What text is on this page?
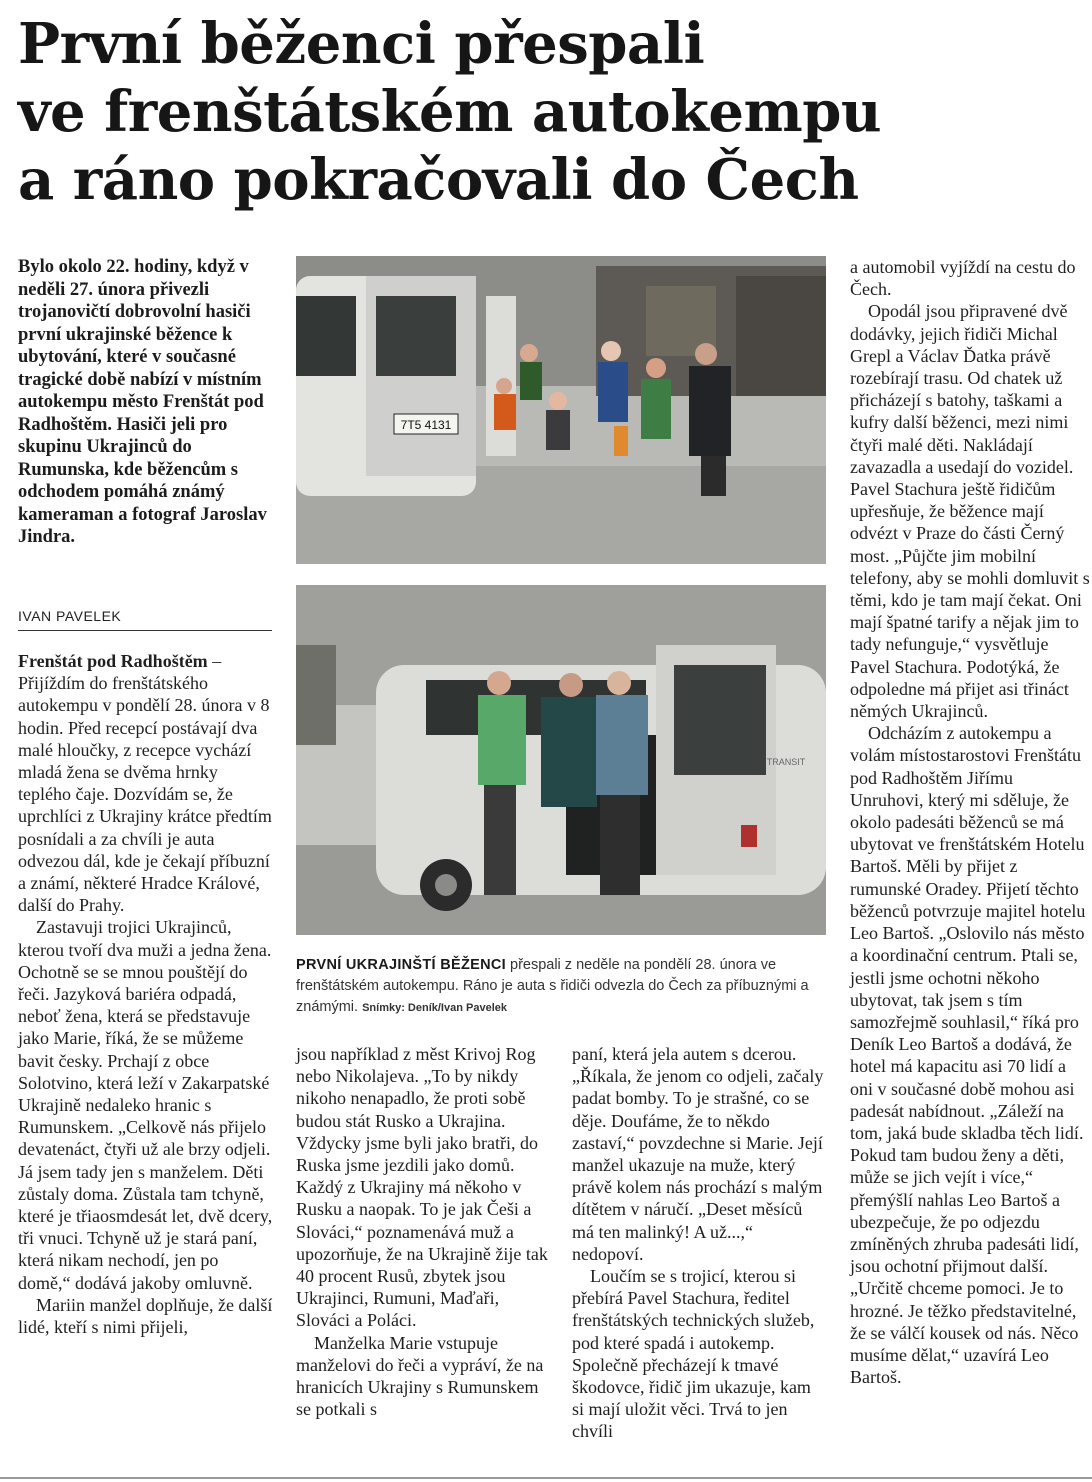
První běženci přespali
ve frenštátském autokempu
a ráno pokračovali do Čech
Bylo okolo 22. hodiny, když v neděli 27. února přivezli trojanovičtí dobrovolní hasiči první ukrajinské běžence k ubytování, které v současné tragické době nabízí v místním autokempu město Frenštát pod Radhoštěm. Hasiči jeli pro skupinu Ukrajinců do Rumunska, kde běžencům s odchodem pomáhá známý kameraman a fotograf Jaroslav Jindra.
IVAN PAVELEK

Frenštát pod Radhoštěm – Přijíždím do frenštátského autokempu v pondělí 28. února v 8 hodin. Před recepcí postávají dva malé hloučky, z recepce vychází mladá žena se dvěma hrnky teplého čaje. Dozvídám se, že uprchlíci z Ukrajiny krátce předtím posnídali a za chvíli je auta odvezou dál, kde je čekají příbuzní a známí, některé Hradce Králové, další do Prahy.

Zastavuji trojici Ukrajinců, kterou tvoří dva muži a jedna žena. Ochotně se se mnou pouštějí do řeči. Jazyková bariéra odpadá, neboť žena, která se představuje jako Marie, říká, že se můžeme bavit česky. Prchají z obce Solotvino, která leží v Zakarpatské Ukrajině nedaleko hranic s Rumunskem. „Celkově nás přijelo devatenáct, čtyři už ale brzy odjeli. Já jsem tady jen s manželem. Děti zůstaly doma. Zůstala tam tchyně, které je třiaosmdesát let, dvě dcery, tři vnuci. Tchyně už je stará paní, která nikam nechodí, jen po domě,“ dodává jakoby omluvně.

Mariin manžel doplňuje, že další lidé, kteří s nimi přijeli,

7T5 4131
TRANSIT
PRVNÍ UKRAJINŠTÍ BĚŽENCI přespali z neděle na pondělí 28. února ve frenštátském autokempu. Ráno je auta s řidiči odvezla do Čech za příbuznými a známými. Snímky: Deník/Ivan Pavelek

jsou například z měst Krivoj Rog nebo Nikolajeva. „To by nikdy nikoho nenapadlo, že proti sobě budou stát Rusko a Ukrajina. Vždycky jsme byli jako bratři, do Ruska jsme jezdili jako domů. Každý z Ukrajiny má někoho v Rusku a naopak. To je jak Češi a Slováci,“ poznamenává muž a upozorňuje, že na Ukrajině žije tak 40 procent Rusů, zbytek jsou Ukrajinci, Rumuni, Maďaři, Slováci a Poláci.

Manželka Marie vstupuje manželovi do řeči a vypráví, že na hranicích Ukrajiny s Rumunskem se potkali s

paní, která jela autem s dcerou. „Říkala, že jenom co odjeli, začaly padat bomby. To je strašné, co se děje. Doufáme, že to někdo zastaví,“ povzdechne si Marie. Její manžel ukazuje na muže, který právě kolem nás prochází s malým dítětem v náručí. „Deset měsíců má ten malinký! A už...,“ nedopoví.

Loučím se s trojicí, kterou si přebírá Pavel Stachura, ředitel frenštátských technických služeb, pod které spadá i autokemp. Společně přecházejí k tmavé škodovce, řidič jim ukazuje, kam si mají uložit věci. Trvá to jen chvíli

a automobil vyjíždí na cestu do Čech.

Opodál jsou připravené dvě dodávky, jejich řidiči Michal Grepl a Václav Ďatka právě rozebírají trasu. Od chatek už přicházejí s batohy, taškami a kufry další běženci, mezi nimi čtyři malé děti. Nakládají zavazadla a usedají do vozidel. Pavel Stachura ještě řidičům upřesňuje, že běžence mají odvézt v Praze do části Černý most. „Půjčte jim mobilní telefony, aby se mohli domluvit s těmi, kdo je tam mají čekat. Oni mají špatné tarify a nějak jim to tady nefunguje,“ vysvětluje Pavel Stachura. Podotýká, že odpoledne má přijet asi třináct němých Ukrajinců.

Odcházím z autokempu a volám místostarostovi Frenštátu pod Radhoštěm Jiřímu Unruhovi, který mi sděluje, že okolo padesáti běženců se má ubytovat ve frenštátském Hotelu Bartoš. Měli by přijet z rumunské Oradey. Přijetí těchto běženců potvrzuje majitel hotelu Leo Bartoš. „Oslovilo nás město a koordinační centrum. Ptali se, jestli jsme ochotni někoho ubytovat, tak jsem s tím samozřejmě souhlasil,“ říká pro Deník Leo Bartoš a dodává, že hotel má kapacitu asi 70 lidí a oni v současné době mohou asi padesát nabídnout. „Záleží na tom, jaká bude skladba těch lidí. Pokud tam budou ženy a děti, může se jich vejít i více,“ přemýšlí nahlas Leo Bartoš a ubezpečuje, že po odjezdu zmíněných zhruba padesáti lidí, jsou ochotní přijmout další. „Určitě chceme pomoci. Je to hrozné. Je těžko představitelné, že se válčí kousek od nás. Něco musíme dělat,“ uzavírá Leo Bartoš.
